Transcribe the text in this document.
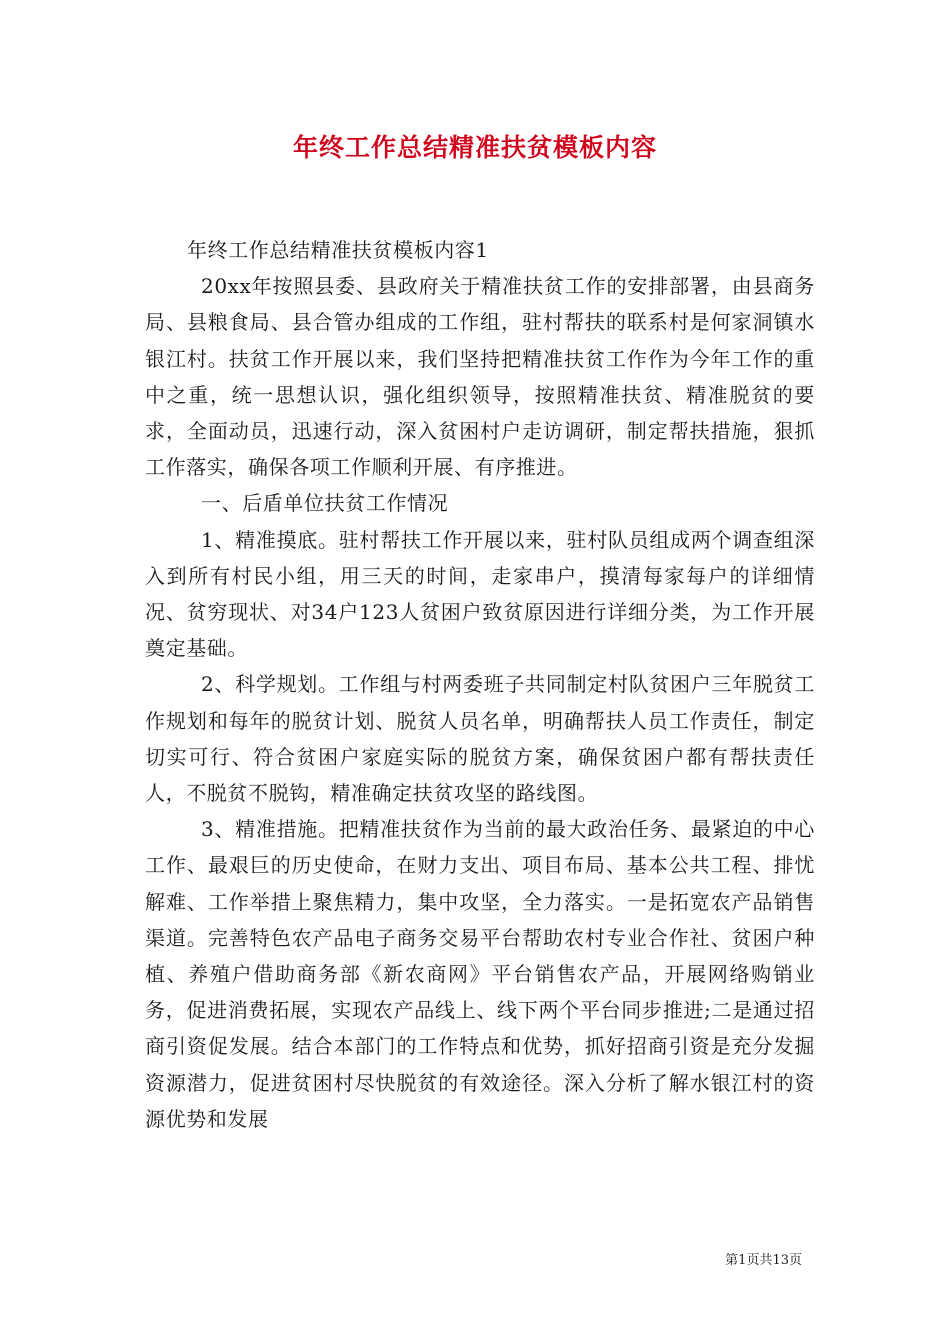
年终工作总结精准扶贫模板内容

年终工作总结精准扶贫模板内容1

20xx年按照县委、县政府关于精准扶贫工作的安排部署，由县商务局、县粮食局、县合管办组成的工作组，驻村帮扶的联系村是何家洞镇水银江村。扶贫工作开展以来，我们坚持把精准扶贫工作作为今年工作的重中之重，统一思想认识，强化组织领导，按照精准扶贫、精准脱贫的要求，全面动员，迅速行动，深入贫困村户走访调研，制定帮扶措施，狠抓工作落实，确保各项工作顺利开展、有序推进。

一、后盾单位扶贫工作情况

1、精准摸底。驻村帮扶工作开展以来，驻村队员组成两个调查组深入到所有村民小组，用三天的时间，走家串户，摸清每家每户的详细情况、贫穷现状、对34户123人贫困户致贫原因进行详细分类，为工作开展奠定基础。

2、科学规划。工作组与村两委班子共同制定村队贫困户三年脱贫工作规划和每年的脱贫计划、脱贫人员名单，明确帮扶人员工作责任，制定切实可行、符合贫困户家庭实际的脱贫方案，确保贫困户都有帮扶责任人，不脱贫不脱钩，精准确定扶贫攻坚的路线图。

3、精准措施。把精准扶贫作为当前的最大政治任务、最紧迫的中心工作、最艰巨的历史使命，在财力支出、项目布局、基本公共工程、排忧解难、工作举措上聚焦精力，集中攻坚，全力落实。一是拓宽农产品销售渠道。完善特色农产品电子商务交易平台帮助农村专业合作社、贫困户种植、养殖户借助商务部《新农商网》平台销售农产品，开展网络购销业务，促进消费拓展，实现农产品线上、线下两个平台同步推进;二是通过招商引资促发展。结合本部门的工作特点和优势，抓好招商引资是充分发掘资源潜力，促进贫困村尽快脱贫的有效途径。深入分析了解水银江村的资源优势和发展

第1页共13页
